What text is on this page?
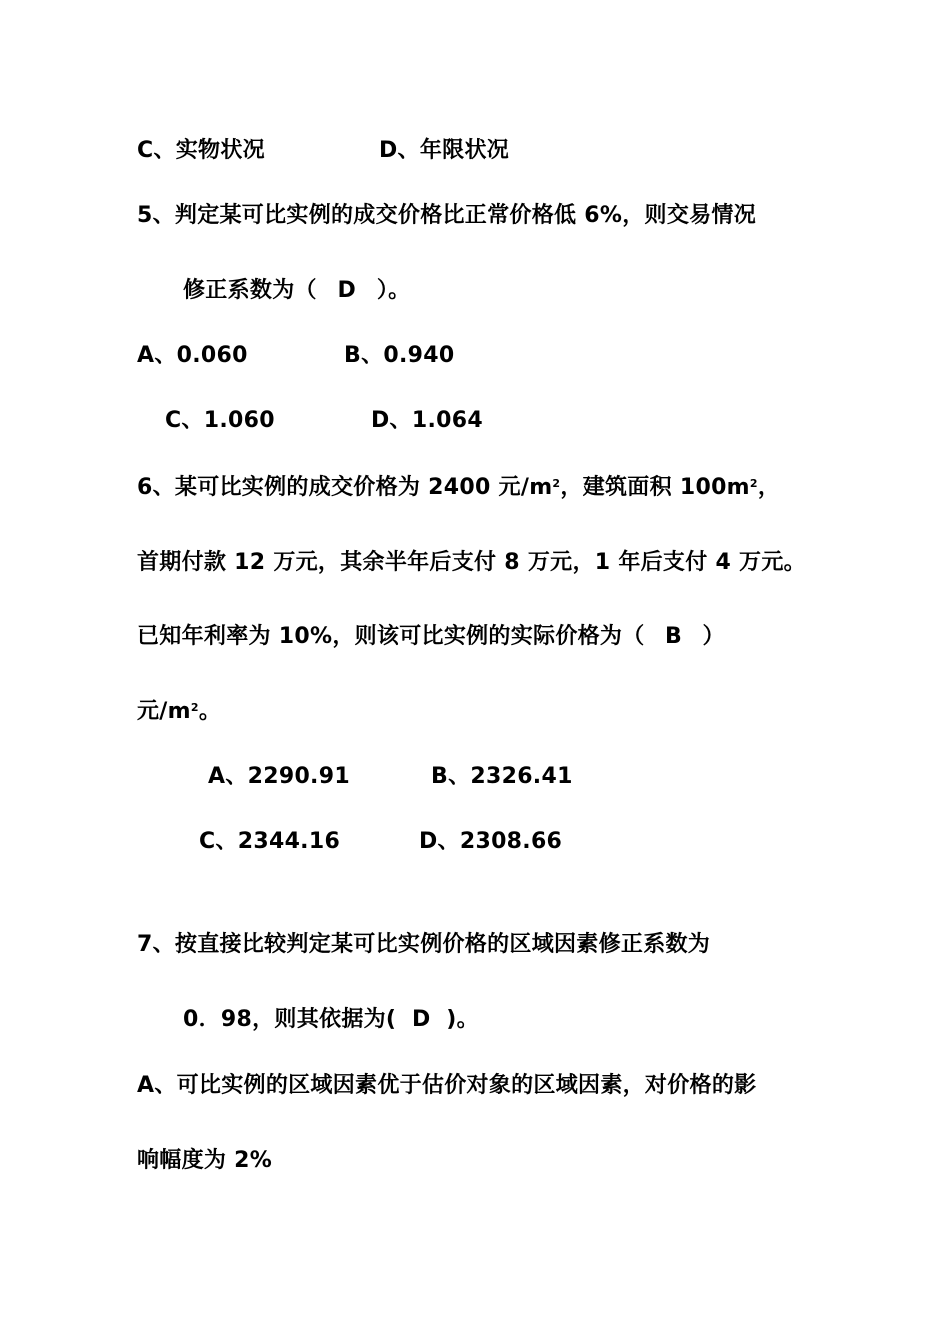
C、实物状况	D、年限状况
5、判定某可比实例的成交价格比正常价格低 6%，则交易情况
修正系数为（ D ）。
A、0.060	B、0.940
C、1.060	D、1.064
6、某可比实例的成交价格为 2400 元$/m^2$，建筑面积 $100m^2$，
首期付款 12 万元，其余半年后支付 8 万元，1 年后支付 4 万元。
已知年利率为 10%，则该可比实例的实际价格为（ B ）
元$/m^2$。
A、2290.91	B、2326.41
C、2344.16	D、2308.66
7、按直接比较判定某可比实例价格的区域因素修正系数为
0．98，则其依据为( D )。
A、可比实例的区域因素优于估价对象的区域因素，对价格的影
响幅度为 2%
